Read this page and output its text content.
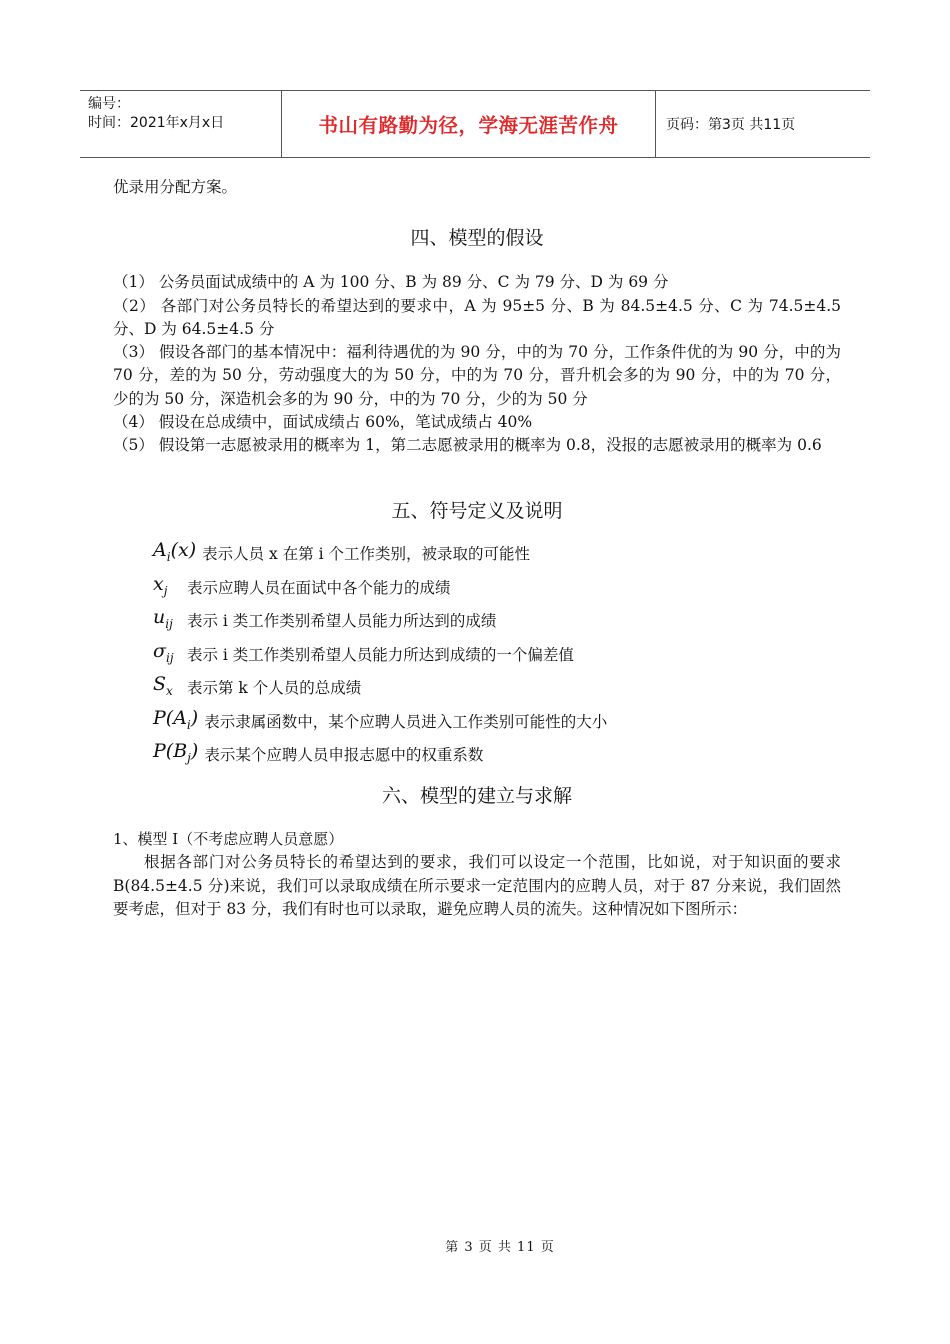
编号：
时间：2021年x月x日	书山有路勤为径，学海无涯苦作舟	页码：第3页 共11页

优录用分配方案。

四、模型的假设

（1） 公务员面试成绩中的 A 为 100 分、B 为 89 分、C 为 79 分、D 为 69 分

（2） 各部门对公务员特长的希望达到的要求中，A 为 95±5 分、B 为 84.5±4.5 分、C 为 74.5±4.5 分、D 为 64.5±4.5 分

（3） 假设各部门的基本情况中：福利待遇优的为 90 分，中的为 70 分，工作条件优的为 90 分，中的为 70 分，差的为 50 分，劳动强度大的为 50 分，中的为 70 分，晋升机会多的为 90 分，中的为 70 分，少的为 50 分，深造机会多的为 90 分，中的为 70 分，少的为 50 分

（4） 假设在总成绩中，面试成绩占 60%，笔试成绩占 40%

（5） 假设第一志愿被录用的概率为 1，第二志愿被录用的概率为 0.8，没报的志愿被录用的概率为 0.6

五、符号定义及说明
$A_i(x)$ 表示人员 x 在第 i 个工作类别，被录取的可能性
$x_j$	表示应聘人员在面试中各个能力的成绩
$u_{ij}$ 表示 i 类工作类别希望人员能力所达到的成绩
$\sigma_{ij}$ 表示 i 类工作类别希望人员能力所达到成绩的一个偏差值
$S_x$ 表示第 k 个人员的总成绩
$P(A_i)$ 表示隶属函数中，某个应聘人员进入工作类别可能性的大小
$P(B_j)$ 表示某个应聘人员申报志愿中的权重系数
六、模型的建立与求解

1、模型 I（不考虑应聘人员意愿）

根据各部门对公务员特长的希望达到的要求，我们可以设定一个范围，比如说，对于知识面的要求 B(84.5±4.5 分)来说，我们可以录取成绩在所示要求一定范围内的应聘人员，对于 87 分来说，我们固然要考虑，但对于 83 分，我们有时也可以录取，避免应聘人员的流失。这种情况如下图所示：

第 3 页 共 11 页
